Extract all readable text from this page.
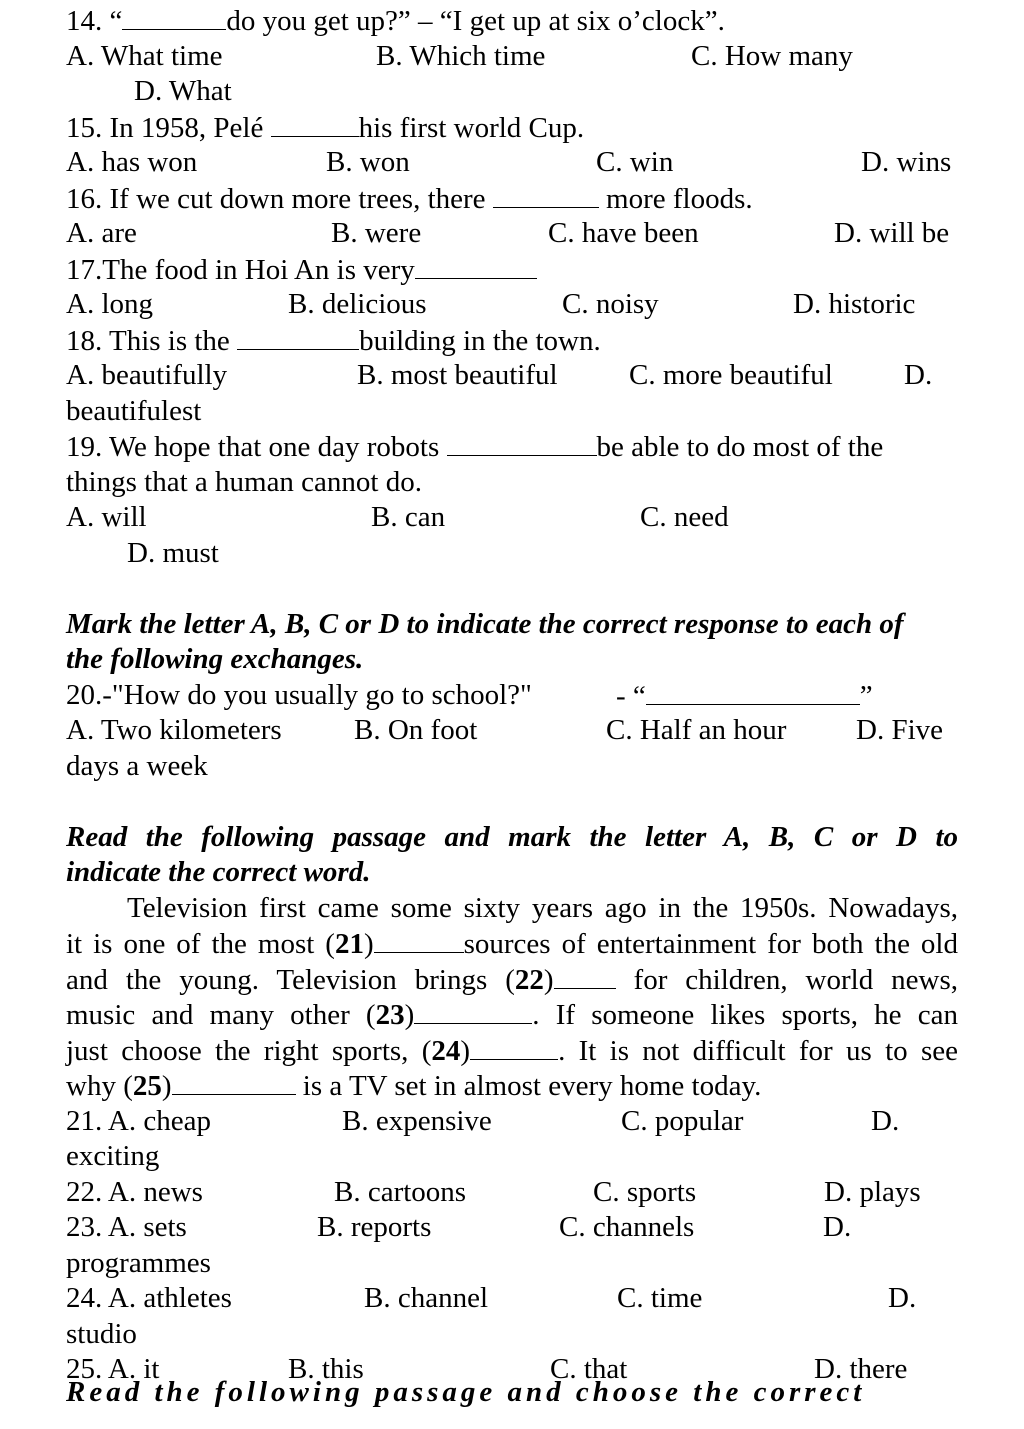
14. “	do you get up?” – “I get up at six o’clock”.
A. What time	B. Which time	C. How many
D. What
15. In 1958, Pelé	his first world Cup.
A. has won	B. won	C. win	D. wins
16. If we cut down more trees, there	more floods.
A. are	B. were	C. have been	D. will be
17.The food in Hoi An is very
A. long	B. delicious	C. noisy	D. historic
18. This is the	building in the town.
A. beautifully	B. most beautiful C. more beautiful D.
beautifulest
19. We hope that one day robots	be able to do most of the
things that a human cannot do.
A. will	B. can	C. need
D. must
Mark the letter A, B, C or D to indicate the correct response to each of
the following exchanges.
20.-"How do you usually go to school?"	- “	”
A. Two kilometers B. On foot	C. Half an hour D. Five
days a week
Read the following passage and mark the letter A, B, C or D to
indicate the correct word.
Television first came some sixty years ago in the 1950s. Nowadays,
it is one of the most (21)	sources of entertainment for both the old
and the young. Television brings (22)	for children, world news,
music and many other (23)	. If someone likes sports, he can
just choose the right sports, (24)	. It is not difficult for us to see
why (25)	is a TV set in almost every home today.
21. A. cheap	B. expensive	C. popular	D.
exciting
22. A. news	B. cartoons	C. sports	D. plays
23. A. sets	B. reports	C. channels	D.
programmes
24. A. athletes	B. channel	C. time	D.
studio
25. A. it	B. this	C. that	D. there
Read the following passage and choose the correct
